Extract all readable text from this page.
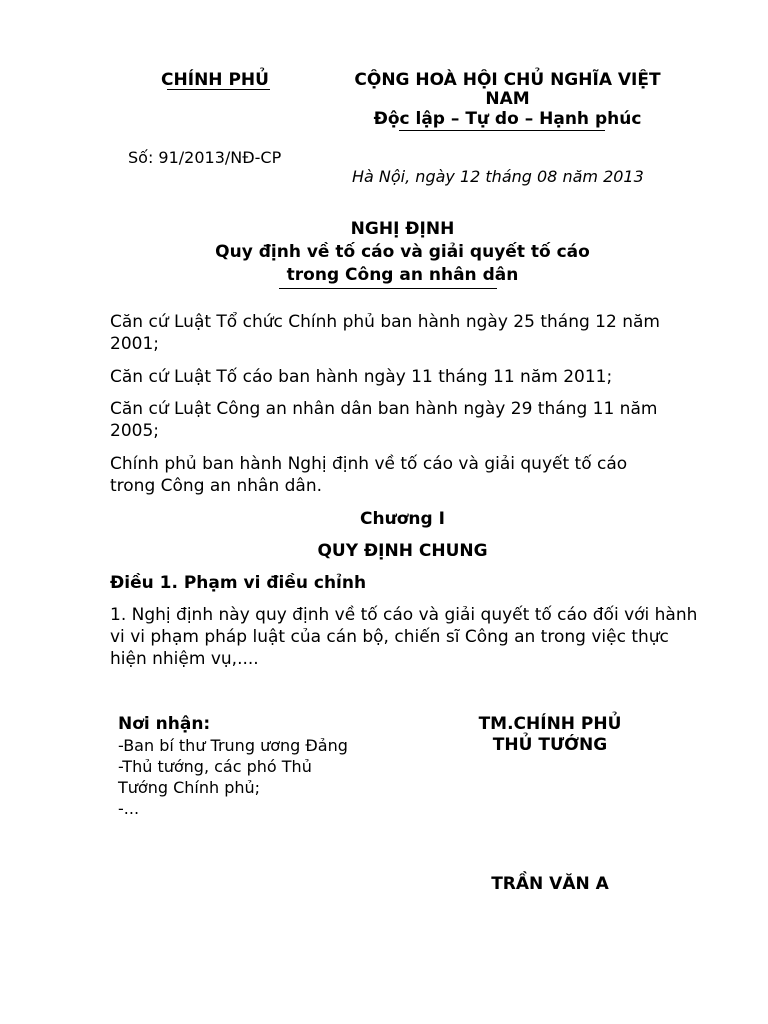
CHÍNH PHỦ	CỘNG HOÀ HỘI CHỦ NGHĨA VIỆT
NAM
Độc lập – Tự do – Hạnh phúc
Số: 91/2013/NĐ-CP
Hà Nội, ngày 12 tháng 08 năm 2013
NGHỊ ĐỊNH
Quy định về tố cáo và giải quyết tố cáo
trong Công an nhân dân
Căn cứ Luật Tổ chức Chính phủ ban hành ngày 25 tháng 12 năm 2001;
Căn cứ Luật Tố cáo ban hành ngày 11 tháng 11 năm 2011;
Căn cứ Luật Công an nhân dân ban hành ngày 29 tháng 11 năm 2005;
Chính phủ ban hành Nghị định về tố cáo và giải quyết tố cáo trong Công an nhân dân.
Chương I
QUY ĐỊNH CHUNG
Điều 1. Phạm vi điều chỉnh
1. Nghị định này quy định về tố cáo và giải quyết tố cáo đối với hành vi vi phạm pháp luật của cán bộ, chiến sĩ Công an trong việc thực hiện nhiệm vụ,....
Nơi nhận:
-Ban bí thư Trung ương Đảng
-Thủ tướng, các phó Thủ Tướng Chính phủ;
-...
TM.CHÍNH PHỦ
THỦ TƯỚNG
TRẦN VĂN A
